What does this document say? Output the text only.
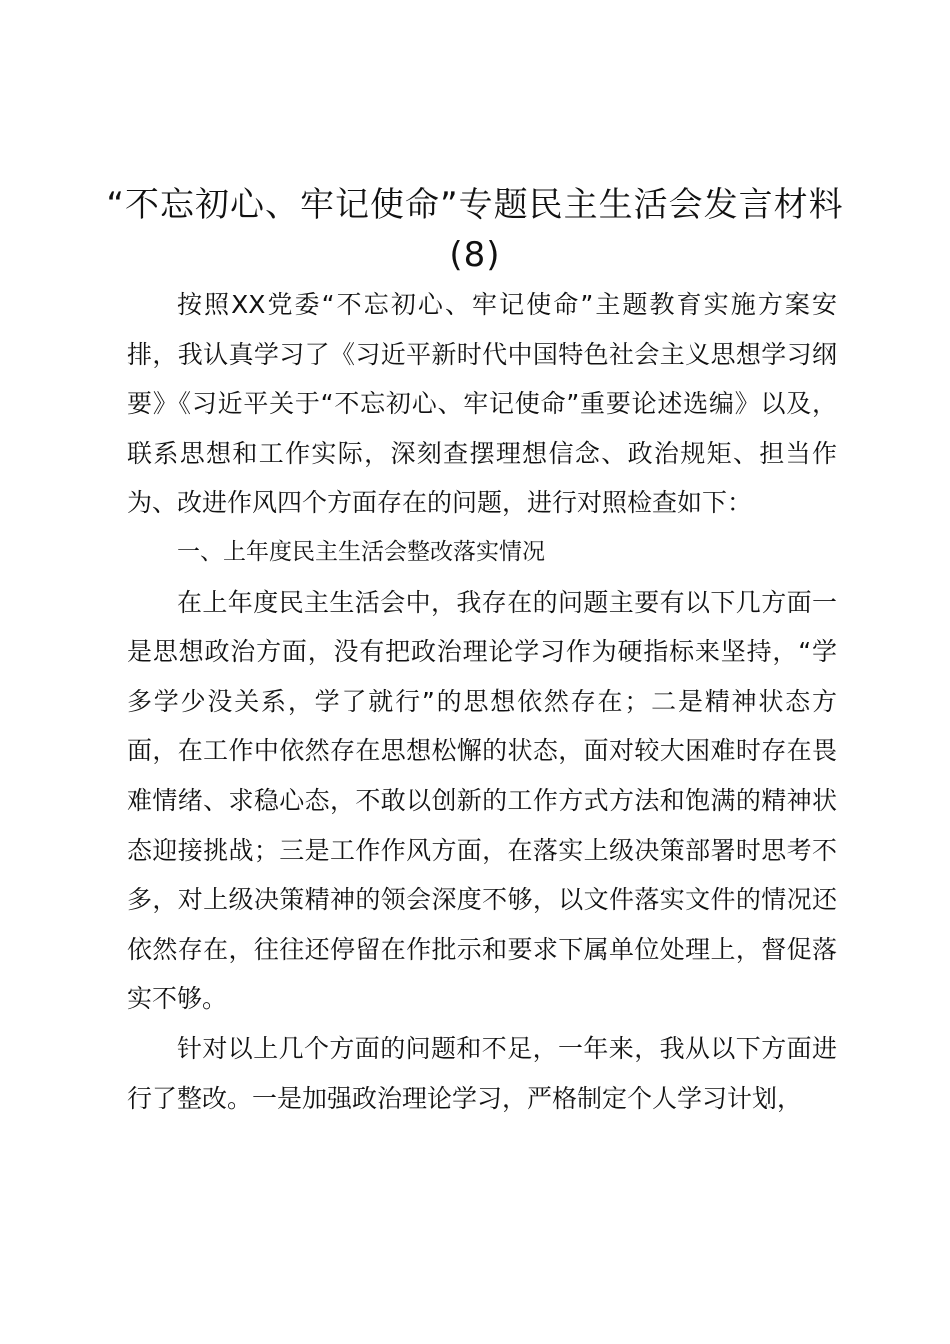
“不忘初心、牢记使命”专题民主生活会发言材料(8)

按照XX党委“不忘初心、牢记使命”主题教育实施方案安排，我认真学习了《习近平新时代中国特色社会主义思想学习纲要》《习近平关于“不忘初心、牢记使命”重要论述选编》以及，联系思想和工作实际，深刻查摆理想信念、政治规矩、担当作为、改进作风四个方面存在的问题，进行对照检查如下：

一、上年度民主生活会整改落实情况

在上年度民主生活会中，我存在的问题主要有以下几方面一是思想政治方面，没有把政治理论学习作为硬指标来坚持，“学多学少没关系，学了就行”的思想依然存在；二是精神状态方面，在工作中依然存在思想松懈的状态，面对较大困难时存在畏难情绪、求稳心态，不敢以创新的工作方式方法和饱满的精神状态迎接挑战；三是工作作风方面，在落实上级决策部署时思考不多，对上级决策精神的领会深度不够，以文件落实文件的情况还依然存在，往往还停留在作批示和要求下属单位处理上，督促落实不够。

针对以上几个方面的问题和不足，一年来，我从以下方面进行了整改。一是加强政治理论学习，严格制定个人学习计划，
